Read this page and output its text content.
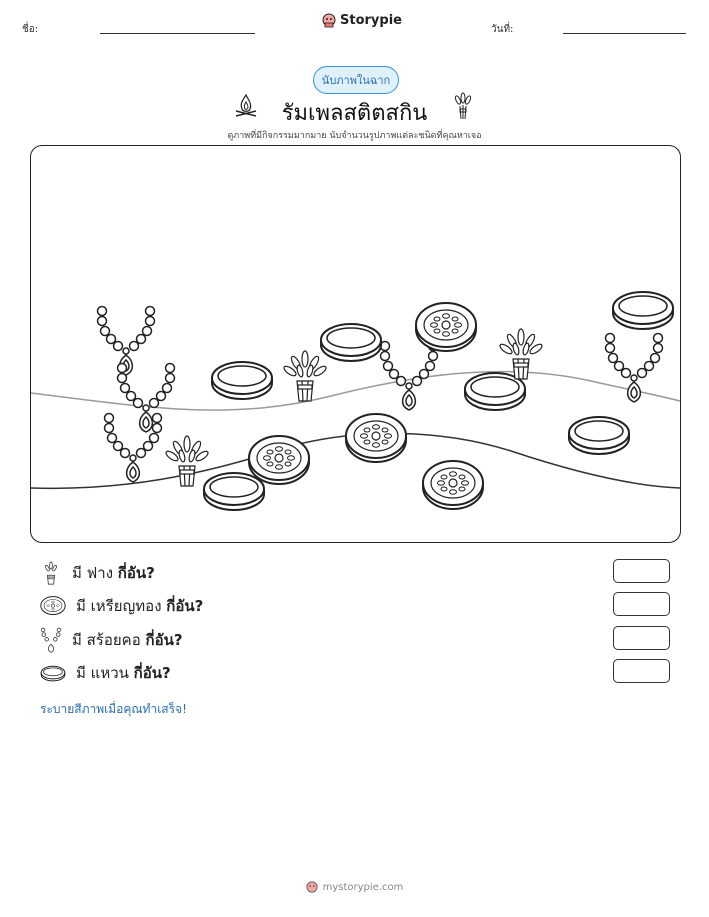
ชื่อ:
Storypie
วันที่:
นับภาพในฉาก
รัมเพลสติตสกิน
ดูภาพที่มีกิจกรรมมากมาย นับจำนวนรูปภาพแต่ละชนิดที่คุณหาเจอ
มี ฟาง กี่อัน?
มี เหรียญทอง กี่อัน?
มี สร้อยคอ กี่อัน?
มี แหวน กี่อัน?
ระบายสีภาพเมื่อคุณทำเสร็จ!
mystorypie.com
